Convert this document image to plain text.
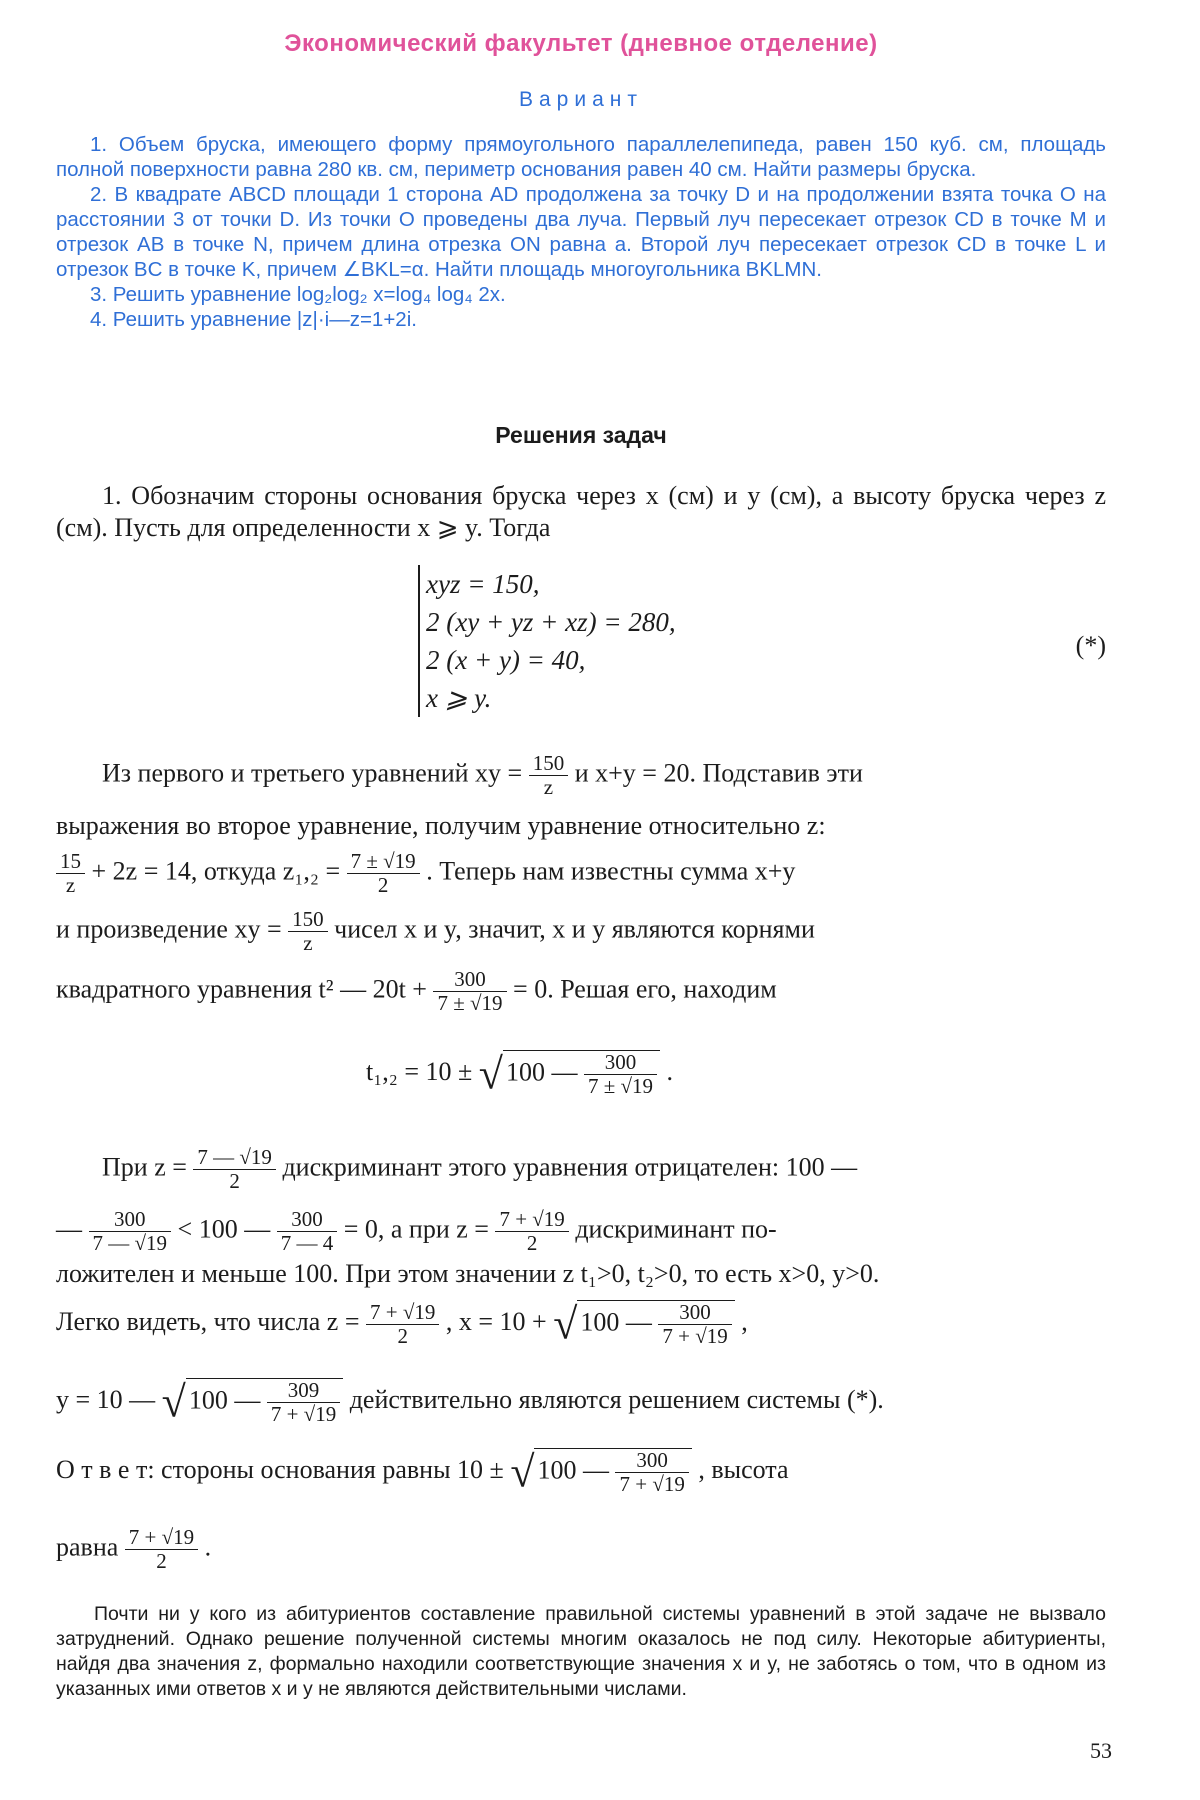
Экономический факультет (дневное отделение)
Вариант

1. Объем бруска, имеющего форму прямоугольного параллелепипеда, равен 150 куб. см, площадь полной поверхности равна 280 кв. см, периметр основания равен 40 см. Найти размеры бруска.

2. В квадрате ABCD площади 1 сторона AD продолжена за точку D и на продолжении взята точка O на расстоянии 3 от точки D. Из точки O проведены два луча. Первый луч пересекает отрезок CD в точке M и отрезок AB в точке N, причем длина отрезка ON равна a. Второй луч пересекает отрезок CD в точке L и отрезок BC в точке K, причем ∠BKL=α. Найти площадь многоугольника BKLMN.

3. Решить уравнение log₂log₂ x=log₄ log₄ 2x.

4. Решить уравнение |z|·i—z=1+2i.

Решения задач

1. Обозначим стороны основания бруска через x (см) и y (см), а высоту бруска через z (см). Пусть для определенности x ⩾ y. Тогда

xyz = 150,
2 (xy + yz + xz) = 280,
2 (x + y) = 40,
x ⩾ y.
(*)
Из первого и третьего уравнений xy = $\frac{150}{z}$ и x+y = 20. Подставив эти
выражения во второе уравнение, получим уравнение относительно z:
$\frac{15}{z} + 2z = 14$, откуда $z_1,_2 = \frac{7 \pm √19}{2}$ . Теперь нам известны сумма x+y
и произведение xy = $\frac{150}{z}$ чисел x и y, значит, x и y являются корнями
квадратного уравнения t² — $20t + \frac{300}{7 \pm √19} = 0$. Решая его, находим
t₁,₂ = 10 ± √ 100 — $\frac{300}{7 \pm √19}$ .
При $z = \frac{7 — √19}{2}$ дискриминант этого уравнения отрицателен: 100 —
— $\frac{300}{7 — √19} < 100$ — $\frac{300}{7 — 4} = 0$, а при $z = \frac{7 + √19}{2}$ дискриминант по-
ложителен и меньше 100. При этом значении z t₁>0, t₂>0, то есть x>0, y>0.
Легко видеть, что числа $z = \frac{7 + √19}{2}$ , x = 10 + √ 100 — $\frac{300}{7 + √19}$ ,
y = 10 — √ 100 — $\frac{309}{7 + √19}$ действительно являются решением системы (*).
О т в е т: стороны основания равны 10 ± √ 100 — $\frac{300}{7 + √19}$ , высота
равна $\frac{7 + √19}{2}$ .

Почти ни у кого из абитуриентов составление правильной системы уравнений в этой задаче не вызвало затруднений. Однако решение полученной системы многим оказалось не под силу. Некоторые абитуриенты, найдя два значения z, формально находили соответствующие значения x и y, не заботясь о том, что в одном из указанных ими ответов x и y не являются действительными числами.

53
